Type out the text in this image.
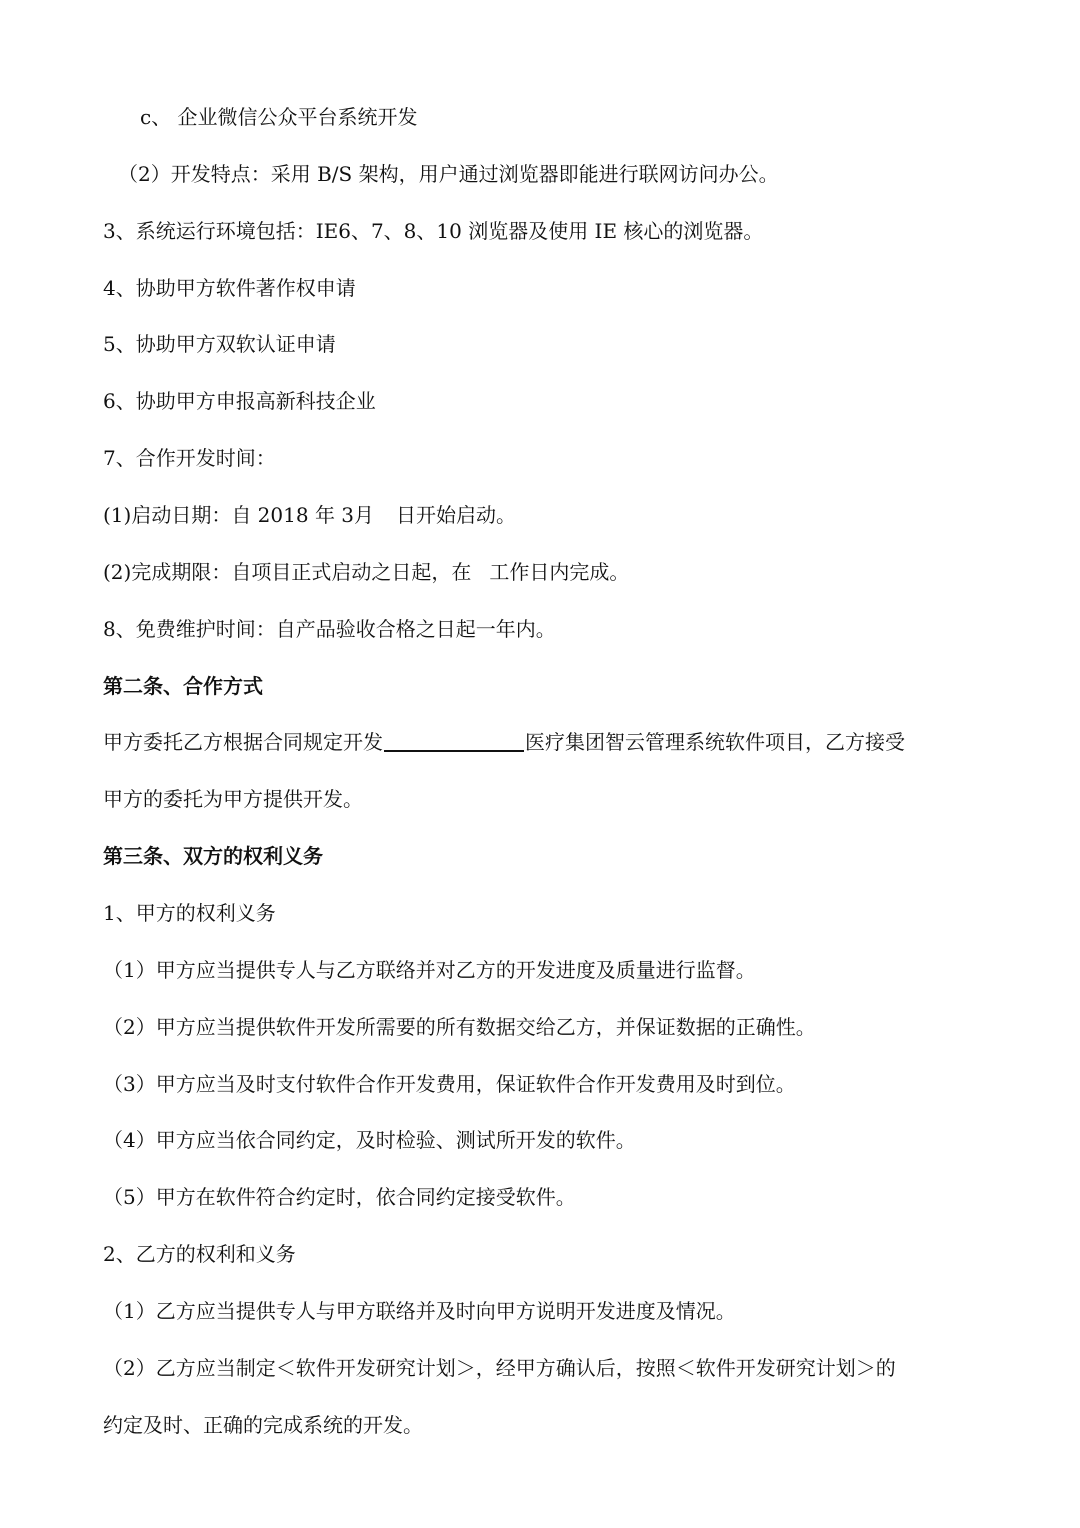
c、 企业微信公众平台系统开发
（2）开发特点：采用 B/S 架构，用户通过浏览器即能进行联网访问办公。
3、系统运行环境包括：IE6、7、8、10 浏览器及使用 IE 核心的浏览器。
4、协助甲方软件著作权申请
5、协助甲方双软认证申请
6、协助甲方申报高新科技企业
7、合作开发时间：
(1)启动日期：自 2018 年 3月 日开始启动。
(2)完成期限：自项目正式启动之日起，在 工作日内完成。
8、免费维护时间：自产品验收合格之日起一年内。
第二条、合作方式
甲方委托乙方根据合同规定开发	医疗集团智云管理系统软件项目，乙方接受
甲方的委托为甲方提供开发。
第三条、双方的权利义务
1、甲方的权利义务
（1）甲方应当提供专人与乙方联络并对乙方的开发进度及质量进行监督。
（2）甲方应当提供软件开发所需要的所有数据交给乙方，并保证数据的正确性。
（3）甲方应当及时支付软件合作开发费用，保证软件合作开发费用及时到位。
（4）甲方应当依合同约定，及时检验、测试所开发的软件。
（5）甲方在软件符合约定时，依合同约定接受软件。
2、乙方的权利和义务
（1）乙方应当提供专人与甲方联络并及时向甲方说明开发进度及情况。
（2）乙方应当制定＜软件开发研究计划＞，经甲方确认后，按照＜软件开发研究计划＞的
约定及时、正确的完成系统的开发。
